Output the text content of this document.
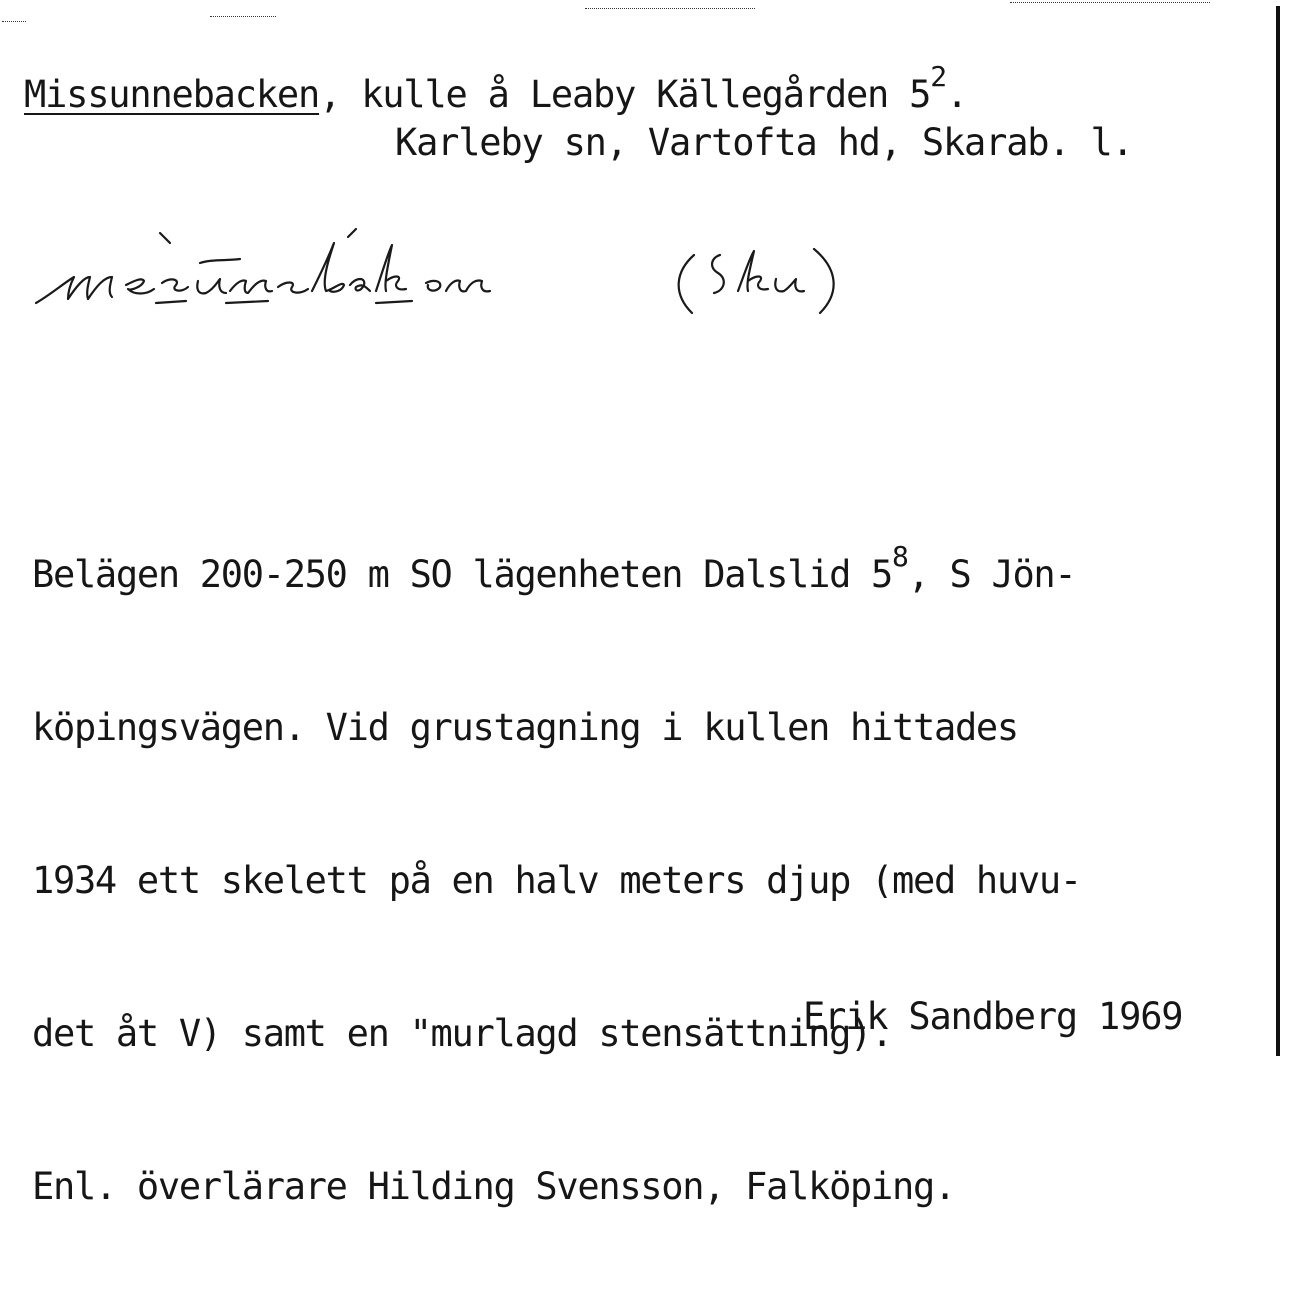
Missunnebacken, kulle å Leaby Källegården $5^2$.
Karleby sn, Vartofta hd, Skarab. l.

Belägen 200-250 m SO lägenheten Dalslid $5^8$, S Jön-

köpingsvägen. Vid grustagning i kullen hittades

1934 ett skelett på en halv meters djup (med huvu-

det åt V) samt en "murlagd stensättning).

Enl. överlärare Hilding Svensson, Falköping.

Erik Sandberg 1969
